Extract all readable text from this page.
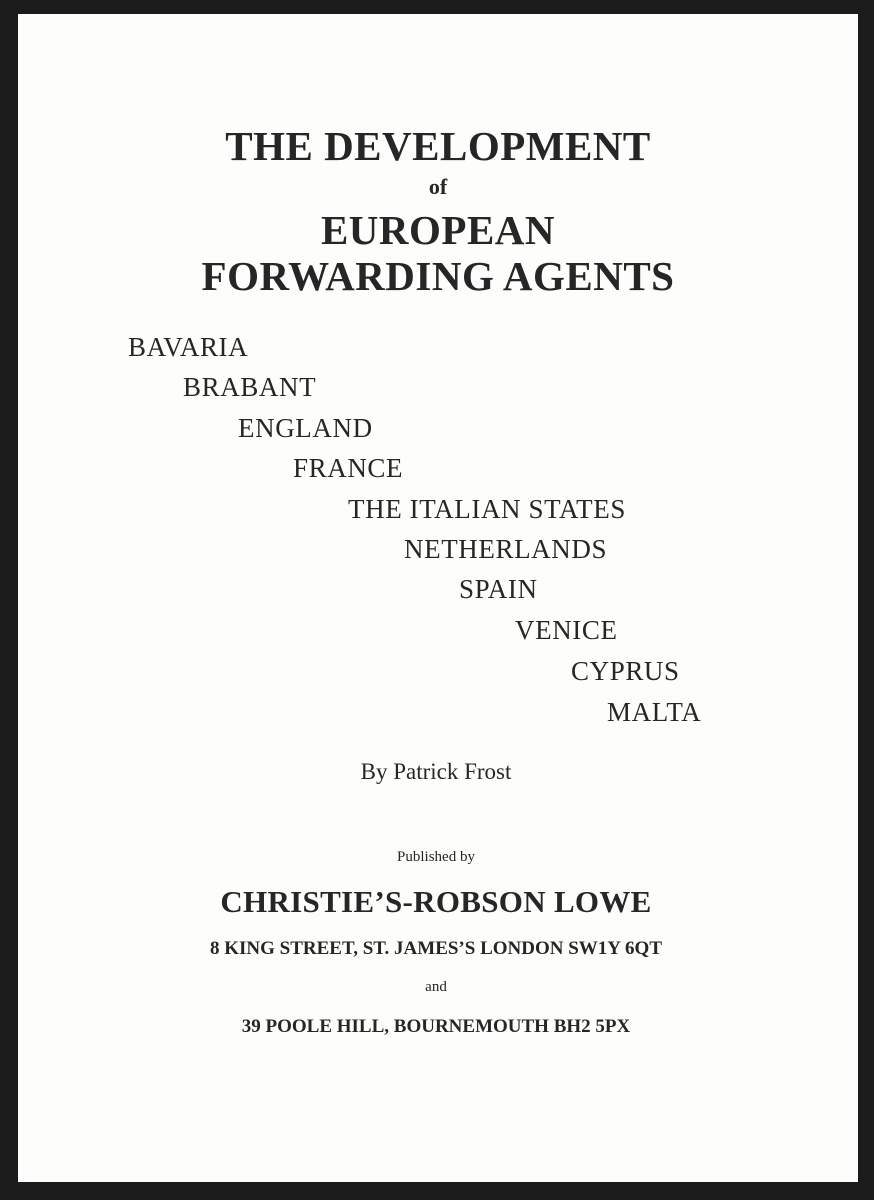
THE DEVELOPMENT
of
EUROPEAN
FORWARDING AGENTS
BAVARIA
BRABANT
ENGLAND
FRANCE
THE ITALIAN STATES
NETHERLANDS
SPAIN
VENICE
CYPRUS
MALTA
By Patrick Frost
Published by
CHRISTIE’S-ROBSON LOWE
8 KING STREET, ST. JAMES’S LONDON SW1Y 6QT
and
39 POOLE HILL, BOURNEMOUTH BH2 5PX
